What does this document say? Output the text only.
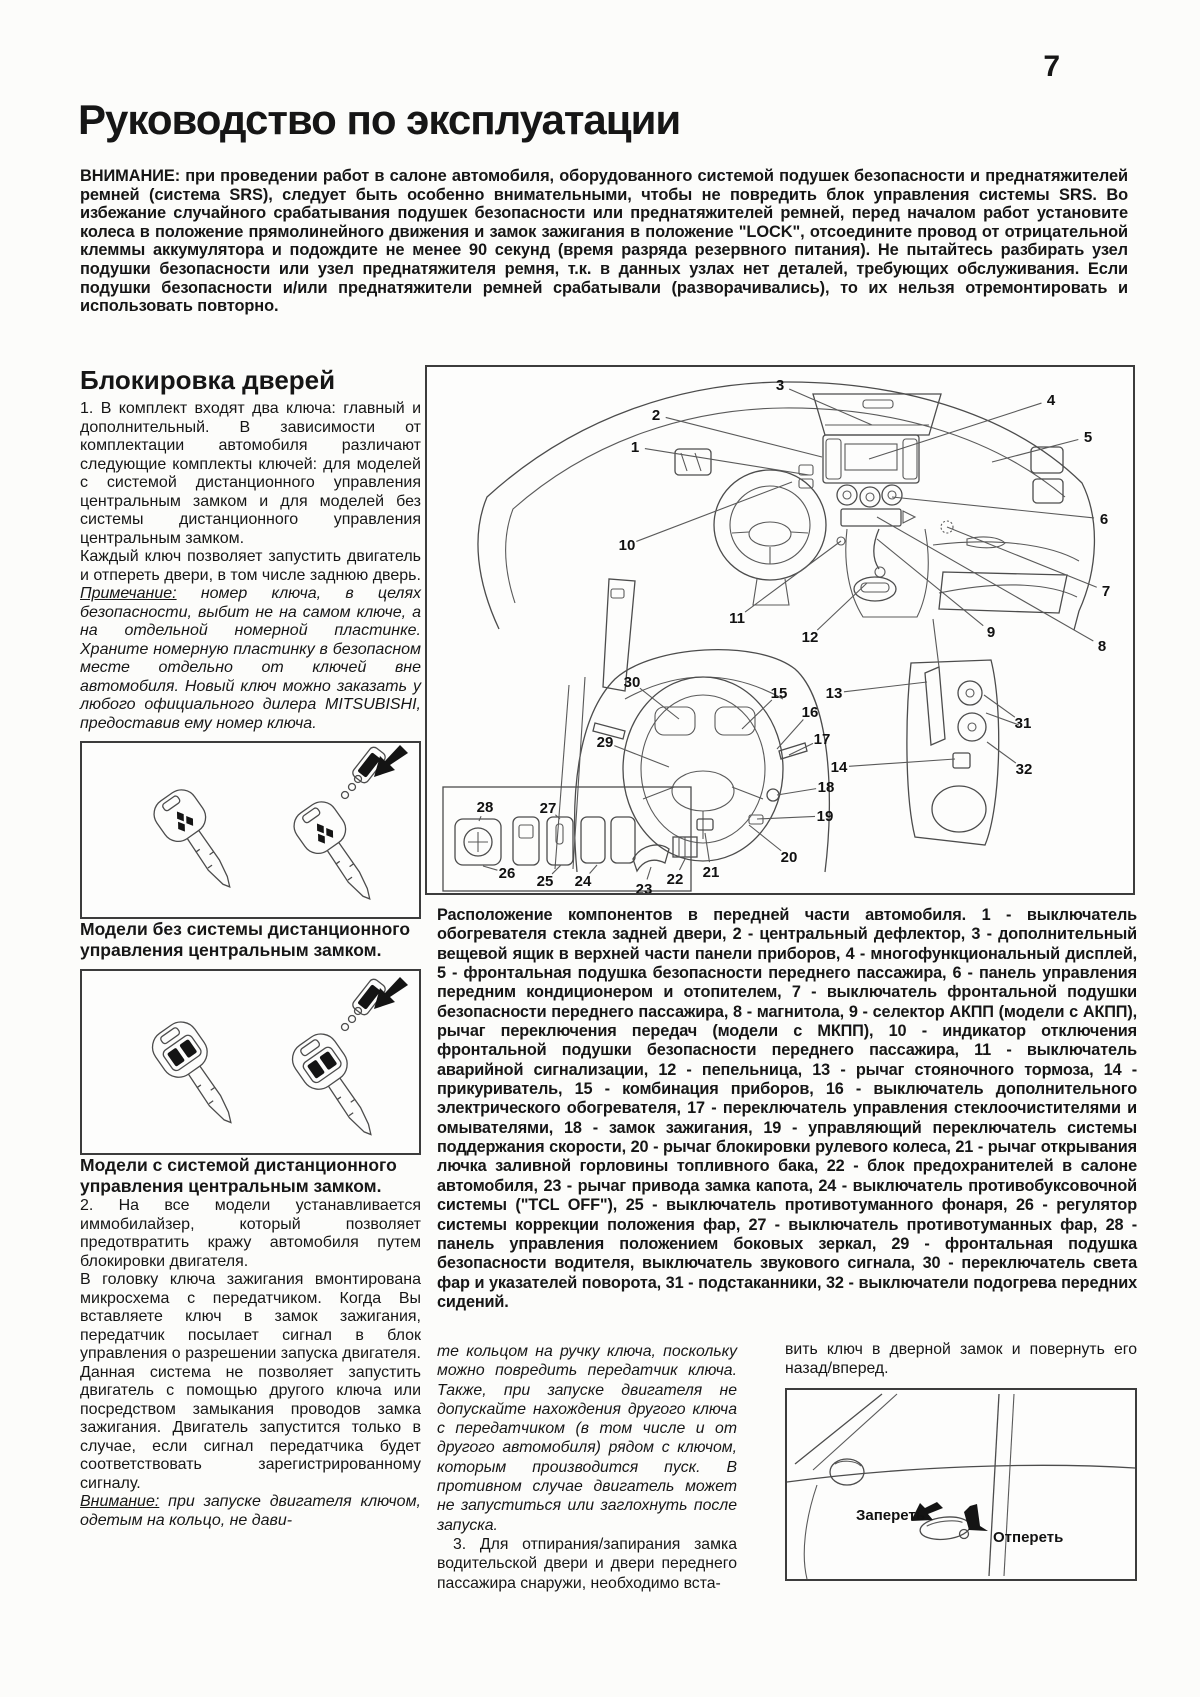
7
Руководство по эксплуатации
ВНИМАНИЕ: при проведении работ в салоне автомобиля, оборудованного системой подушек безопасности и преднатяжителей ремней (система SRS), следует быть особенно внимательными, чтобы не повредить блок управления системы SRS. Во избежание случайного срабатывания подушек безопасности или преднатяжителей ремней, перед началом работ установите колеса в положение прямолинейного движения и замок зажигания в положение "LOCK", отсоедините провод от отрицательной клеммы аккумулятора и подождите не менее 90 секунд (время разряда резервного питания). Не пытайтесь разбирать узел подушки безопасности или узел преднатяжителя ремня, т.к. в данных узлах нет деталей, требующих обслуживания. Если подушки безопасности и/или преднатяжители ремней срабатывали (разворачивались), то их нельзя отремонтировать и использовать повторно.
Блокировка дверей

1. В комплект входят два ключа: главный и дополнительный. В зависимости от комплектации автомобиля различают следующие комплекты ключей: для моделей с системой дистанционного управления центральным замком и для моделей без системы дистанционного управления центральным замком.

Каждый ключ позволяет запустить двигатель и отпереть двери, в том числе заднюю дверь.

Примечание: номер ключа, в целях безопасности, выбит не на самом ключе, а на отдельной номерной пластинке. Храните номерную пластинку в безопасном месте отдельно от ключей вне автомобиля. Новый ключ можно заказать у любого официального дилера MITSUBISHI, предоставив ему номер ключа.

Модели без системы дистанционного управления центральным замком.

Модели с системой дистанционного управления центральным замком.

2. На все модели устанавливается иммобилайзер, который позволяет предотвратить кражу автомобиля путем блокировки двигателя.

В головку ключа зажигания вмонтирована микросхема с передатчиком. Когда Вы вставляете ключ в замок зажигания, передатчик посылает сигнал в блок управления о разрешении запуска двигателя. Данная система не позволяет запустить двигатель с помощью другого ключа или посредством замыкания проводов замка зажигания. Двигатель запустится только в случае, если сигнал передатчика будет соответствовать зарегистрированному сигналу.

Внимание: при запуске двигателя ключом, одетым на кольцо, не дави-

1
2
3
4
5
6
7
8
9
10
11
12
13
14
15
16
17
18
19
20
21
22
23
24
25
26
27
28
29
30
31
32
Расположение компонентов в передней части автомобиля. 1 - выключатель обогревателя стекла задней двери, 2 - центральный дефлектор, 3 - дополнительный вещевой ящик в верхней части панели приборов, 4 - многофункциональный дисплей, 5 - фронтальная подушка безопасности переднего пассажира, 6 - панель управления передним кондиционером и отопителем, 7 - выключатель фронтальной подушки безопасности переднего пассажира, 8 - магнитола, 9 - селектор АКПП (модели с АКПП), рычаг переключения передач (модели с МКПП), 10 - индикатор отключения фронтальной подушки безопасности переднего пассажира, 11 - выключатель аварийной сигнализации, 12 - пепельница, 13 - рычаг стояночного тормоза, 14 - прикуриватель, 15 - комбинация приборов, 16 - выключатель дополнительного электрического обогревателя, 17 - переключатель управления стеклоочистителями и омывателями, 18 - замок зажигания, 19 - управляющий переключатель системы поддержания скорости, 20 - рычаг блокировки рулевого колеса, 21 - рычаг открывания лючка заливной горловины топливного бака, 22 - блок предохранителей в салоне автомобиля, 23 - рычаг привода замка капота, 24 - выключатель противобуксовочной системы ("TCL OFF"), 25 - выключатель противотуманного фонаря, 26 - регулятор системы коррекции положения фар, 27 - выключатель противотуманных фар, 28 - панель управления положением боковых зеркал, 29 - фронтальная подушка безопасности водителя, выключатель звукового сигнала, 30 - переключатель света фар и указателей поворота, 31 - подстаканники, 32 - выключатели подогрева передних сидений.

те кольцом на ручку ключа, поскольку можно повредить передатчик ключа. Также, при запуске двигателя не допускайте нахождения другого ключа с передатчиком (в том числе и от другого автомобиля) рядом с ключом, которым производится пуск. В противном случае двигатель может не запуститься или заглохнуть после запуска.

3. Для отпирания/запирания замка водительской двери и двери переднего пассажира снаружи, необходимо вста-

вить ключ в дверной замок и повернуть его назад/вперед.

Запереть
Отпереть
